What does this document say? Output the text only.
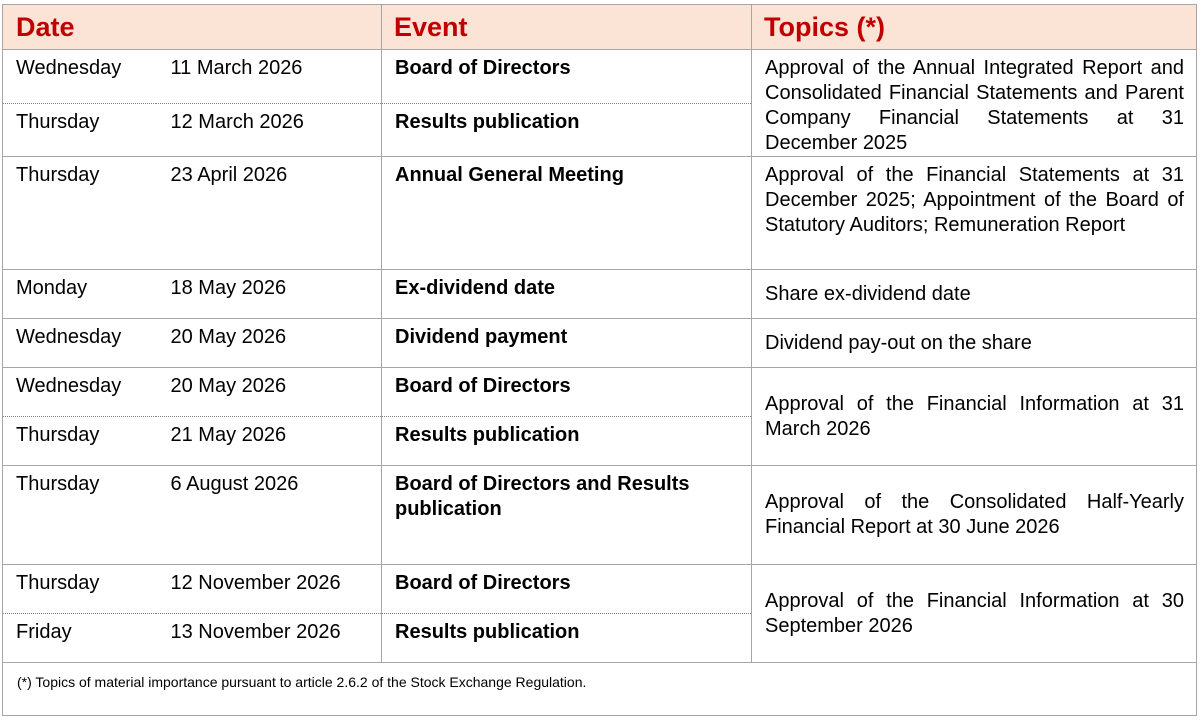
Date		Event	Topics (*)
Wednesday	11 March 2026	Board of Directors	Approval of the Annual Integrated Report and Consolidated Financial Statements and Parent Company Financial Statements at 31 December 2025
Thursday	12 March 2026	Results publication	
Thursday	23 April 2026	Annual General Meeting	Approval of the Financial Statements at 31 December 2025; Appointment of the Board of Statutory Auditors; Remuneration Report
Monday	18 May 2026	Ex-dividend date	Share ex-dividend date
Wednesday	20 May 2026	Dividend payment	Dividend pay-out on the share
Wednesday	20 May 2026	Board of Directors	Approval of the Financial Information at 31 March 2026
Thursday	21 May 2026	Results publication	
Thursday	6 August 2026	Board of Directors and Results publication	Approval of the Consolidated Half-Yearly Financial Report at 30 June 2026
Thursday	12 November 2026	Board of Directors	Approval of the Financial Information at 30 September 2026
Friday	13 November 2026	Results publication	
(*) Topics of material importance pursuant to article 2.6.2 of the Stock Exchange Regulation.			
